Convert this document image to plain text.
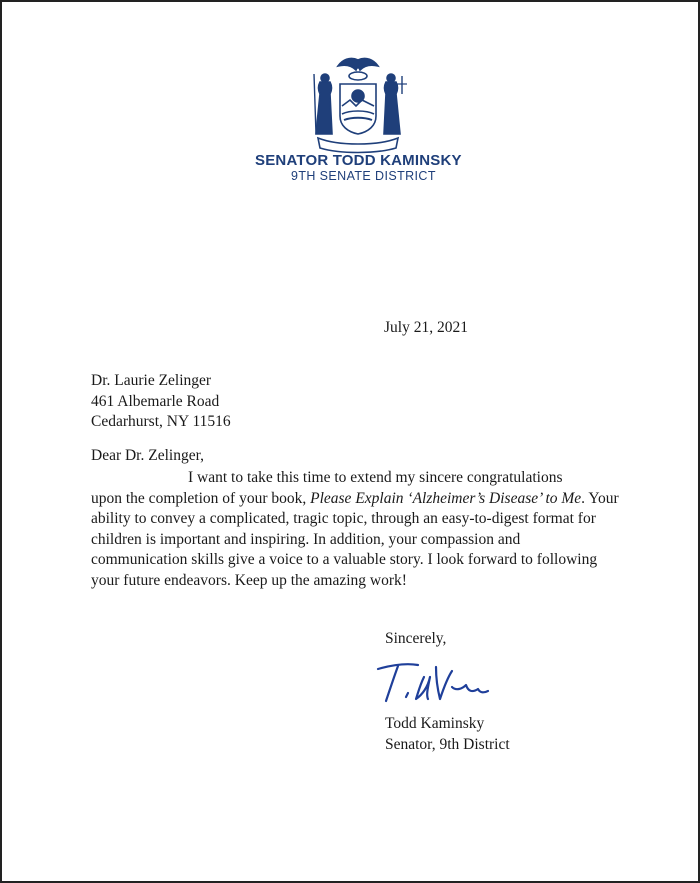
SENATOR TODD KAMINSKY
9TH SENATE DISTRICT
July 21, 2021
Dr. Laurie Zelinger
461 Albemarle Road
Cedarhurst, NY 11516
Dear Dr. Zelinger,
I want to take this time to extend my sincere congratulations
upon the completion of your book, Please Explain ‘Alzheimer’s Disease’ to Me. Your
ability to convey a complicated, tragic topic, through an easy-to-digest format for
children is important and inspiring. In addition, your compassion and
communication skills give a voice to a valuable story. I look forward to following
your future endeavors. Keep up the amazing work!
Sincerely,
Todd Kaminsky
Senator, 9th District
